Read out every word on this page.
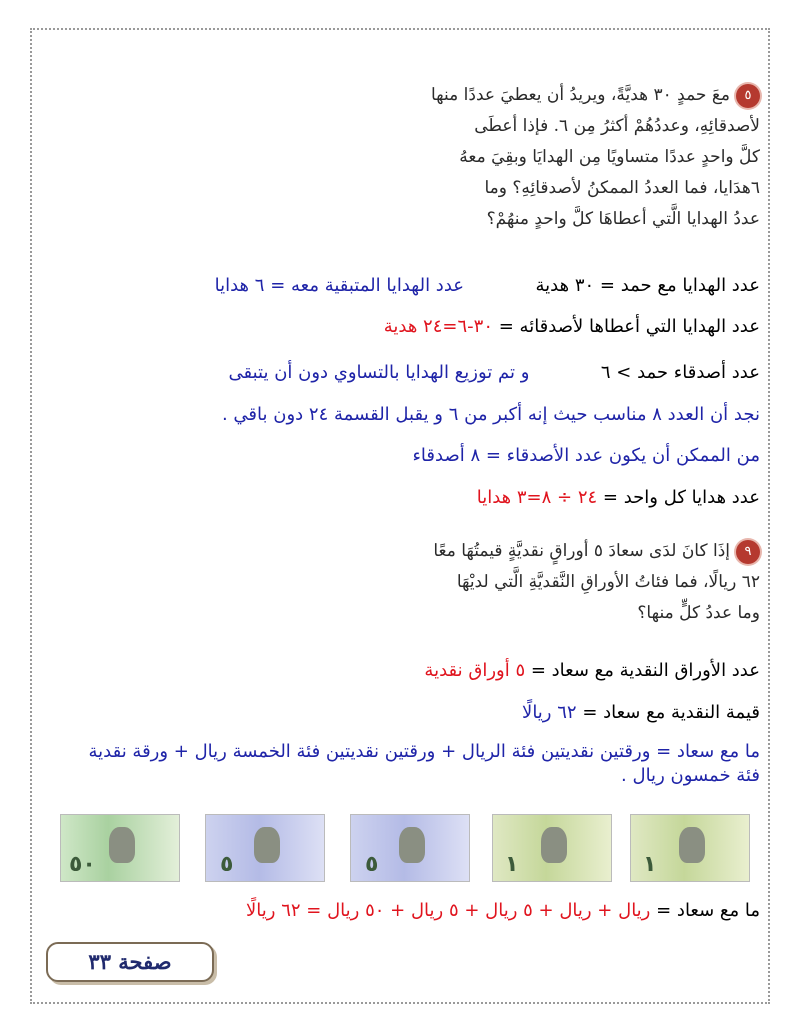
٥معَ حمدٍ ٣٠ هديَّةً، ويريدُ أن يعطيَ عددًا منها
لأصدقائِهِ، وعددُهُمْ أكثرُ مِن ٦. فإذا أعطَى
كلَّ واحدٍ عددًا متساويًا مِن الهدايَا وبقِيَ معهُ
٦هدَايا، فما العددُ الممكنُ لأصدقائِهِ؟ وما
عددُ الهدايا الَّتي أعطاهَا كلَّ واحدٍ منهُمْ؟
عدد الهدايا مع حمد = ٣٠ هدية  عدد الهدايا المتبقية معه = ٦ هدايا
عدد الهدايا التي أعطاها لأصدقائه = ٣٠-٦=٢٤ هدية
عدد أصدقاء حمد > ٦  و تم توزيع الهدايا بالتساوي دون أن يتبقى
نجد أن العدد ٨ مناسب حيث إنه أكبر من ٦ و يقبل القسمة ٢٤ دون باقي .
من الممكن أن يكون عدد الأصدقاء = ٨ أصدقاء
عدد هدايا كل واحد = ٢٤ ÷ ٨=٣ هدايا
٩إذَا كانَ لدَى سعادَ ٥ أوراقٍ نقديَّةٍ قيمتُهَا معًا
٦٢ ريالًا، فما فئاتُ الأوراقِ النَّقديَّةِ الَّتي لديْهَا
وما عددُ كلٍّ منها؟
عدد الأوراق النقدية مع سعاد = ٥ أوراق نقدية
قيمة النقدية مع سعاد = ٦٢ ريالًا
ما مع سعاد = ورقتين نقديتين فئة الريال + ورقتين نقديتين فئة الخمسة ريال + ورقة نقدية فئة خمسون ريال .
٥٠	٥	٥	١	١
ما مع سعاد = ريال + ريال + ٥ ريال + ٥ ريال + ٥٠ ريال = ٦٢ ريالًا
صفحة ٣٣
